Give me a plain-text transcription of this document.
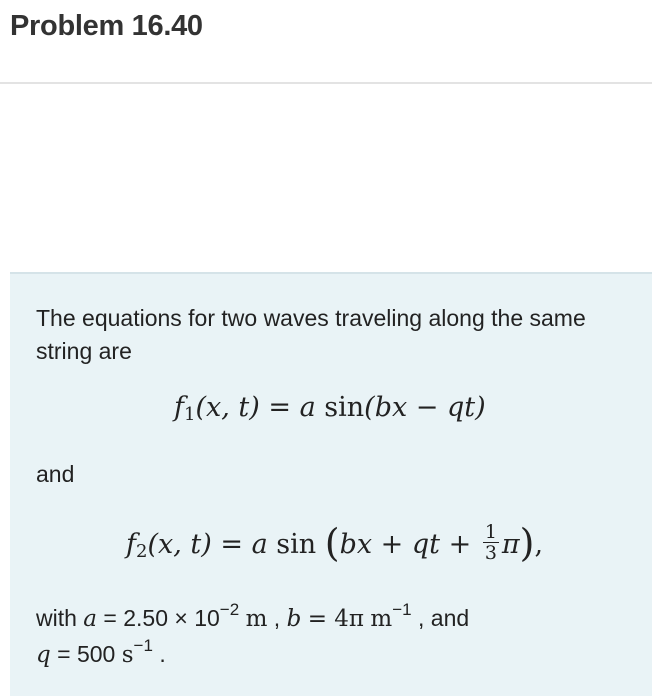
Problem 16.40
The equations for two waves traveling along the same string are
f1(x, t) = a sin(bx − qt)
and
f2(x, t) = a sin (bx + qt + $\frac{1}{3} \pi$),
with $a = 2.50 \times 10^{-2}$ m , b = 4π $m^{-1}$ , and
q = 500 $s^{-1}$ .
